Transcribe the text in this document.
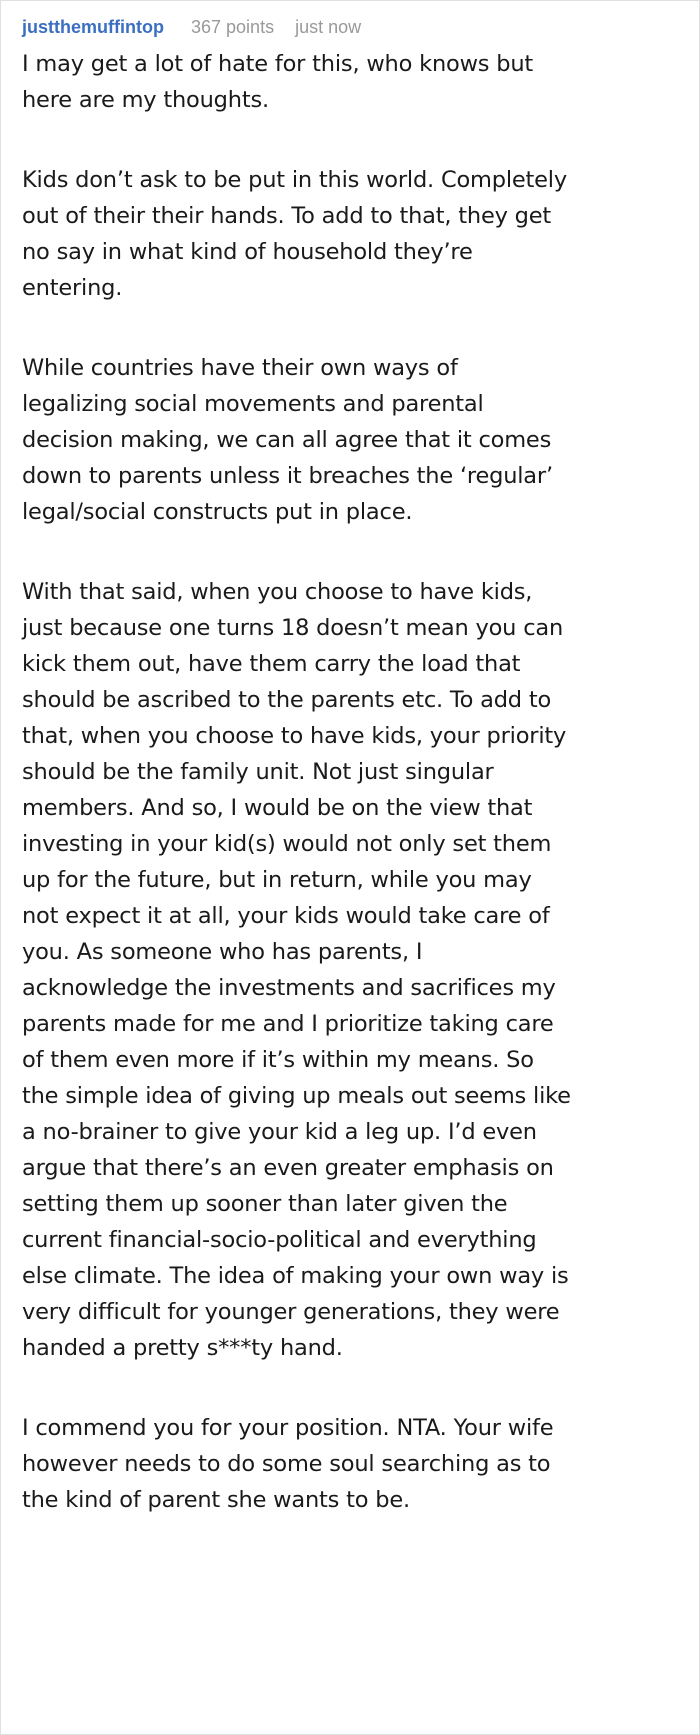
justthemuffintop 367 points just now
I may get a lot of hate for this, who knows but
here are my thoughts.
Kids don’t ask to be put in this world. Completely
out of their their hands. To add to that, they get
no say in what kind of household they’re
entering.
While countries have their own ways of
legalizing social movements and parental
decision making, we can all agree that it comes
down to parents unless it breaches the ‘regular’
legal/social constructs put in place.
With that said, when you choose to have kids,
just because one turns 18 doesn’t mean you can
kick them out, have them carry the load that
should be ascribed to the parents etc. To add to
that, when you choose to have kids, your priority
should be the family unit. Not just singular
members. And so, I would be on the view that
investing in your kid(s) would not only set them
up for the future, but in return, while you may
not expect it at all, your kids would take care of
you. As someone who has parents, I
acknowledge the investments and sacrifices my
parents made for me and I prioritize taking care
of them even more if it’s within my means. So
the simple idea of giving up meals out seems like
a no-brainer to give your kid a leg up. I’d even
argue that there’s an even greater emphasis on
setting them up sooner than later given the
current financial-socio-political and everything
else climate. The idea of making your own way is
very difficult for younger generations, they were
handed a pretty s***ty hand.
I commend you for your position. NTA. Your wife
however needs to do some soul searching as to
the kind of parent she wants to be.
